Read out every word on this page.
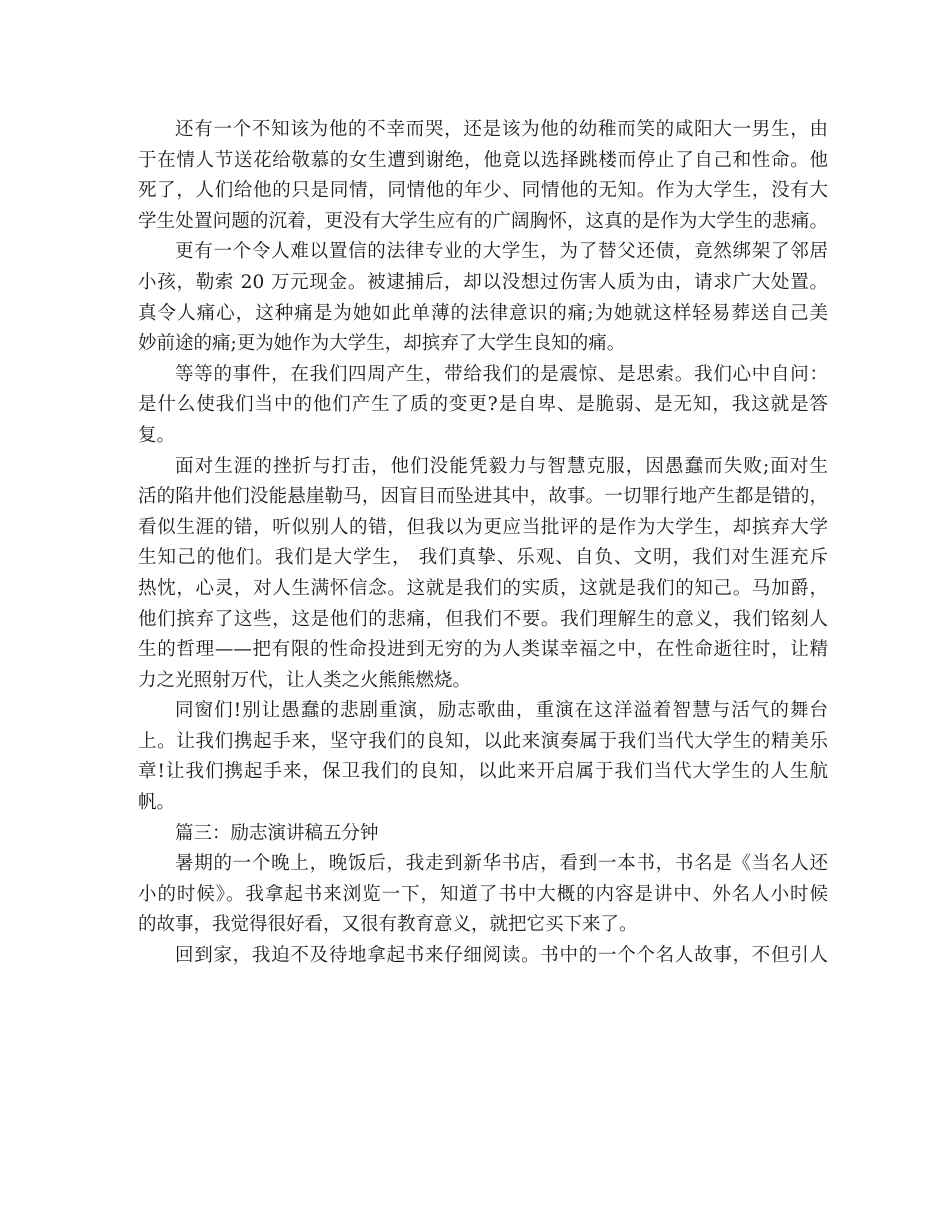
还有一个不知该为他的不幸而哭，还是该为他的幼稚而笑的咸阳大一男生，由
于在情人节送花给敬慕的女生遭到谢绝，他竟以选择跳楼而停止了自己和性命。他
死了，人们给他的只是同情，同情他的年少、同情他的无知。作为大学生，没有大
学生处置问题的沉着，更没有大学生应有的广阔胸怀，这真的是作为大学生的悲痛。
更有一个令人难以置信的法律专业的大学生，为了替父还债，竟然绑架了邻居
小孩，勒索 20 万元现金。被逮捕后，却以没想过伤害人质为由，请求广大处置。
真令人痛心，这种痛是为她如此单薄的法律意识的痛;为她就这样轻易葬送自己美
妙前途的痛;更为她作为大学生，却摈弃了大学生良知的痛。
等等的事件，在我们四周产生，带给我们的是震惊、是思索。我们心中自问：
是什么使我们当中的他们产生了质的变更?是自卑、是脆弱、是无知，我这就是答
复。
面对生涯的挫折与打击，他们没能凭毅力与智慧克服，因愚蠢而失败;面对生
活的陷井他们没能悬崖勒马，因盲目而坠进其中，故事。一切罪行地产生都是错的，
看似生涯的错，听似别人的错，但我以为更应当批评的是作为大学生，却摈弃大学
生知己的他们。我们是大学生， 我们真挚、乐观、自负、文明，我们对生涯充斥
热忱，心灵，对人生满怀信念。这就是我们的实质，这就是我们的知己。马加爵，
他们摈弃了这些，这是他们的悲痛，但我们不要。我们理解生的意义，我们铭刻人
生的哲理——把有限的性命投进到无穷的为人类谋幸福之中，在性命逝往时，让精
力之光照射万代，让人类之火熊熊燃烧。
同窗们!别让愚蠢的悲剧重演，励志歌曲，重演在这洋溢着智慧与活气的舞台
上。让我们携起手来，坚守我们的良知，以此来演奏属于我们当代大学生的精美乐
章!让我们携起手来，保卫我们的良知，以此来开启属于我们当代大学生的人生航
帆。
篇三：励志演讲稿五分钟
暑期的一个晚上，晚饭后，我走到新华书店，看到一本书，书名是《当名人还
小的时候》。我拿起书来浏览一下，知道了书中大概的内容是讲中、外名人小时候
的故事，我觉得很好看，又很有教育意义，就把它买下来了。
回到家，我迫不及待地拿起书来仔细阅读。书中的一个个名人故事，不但引人
